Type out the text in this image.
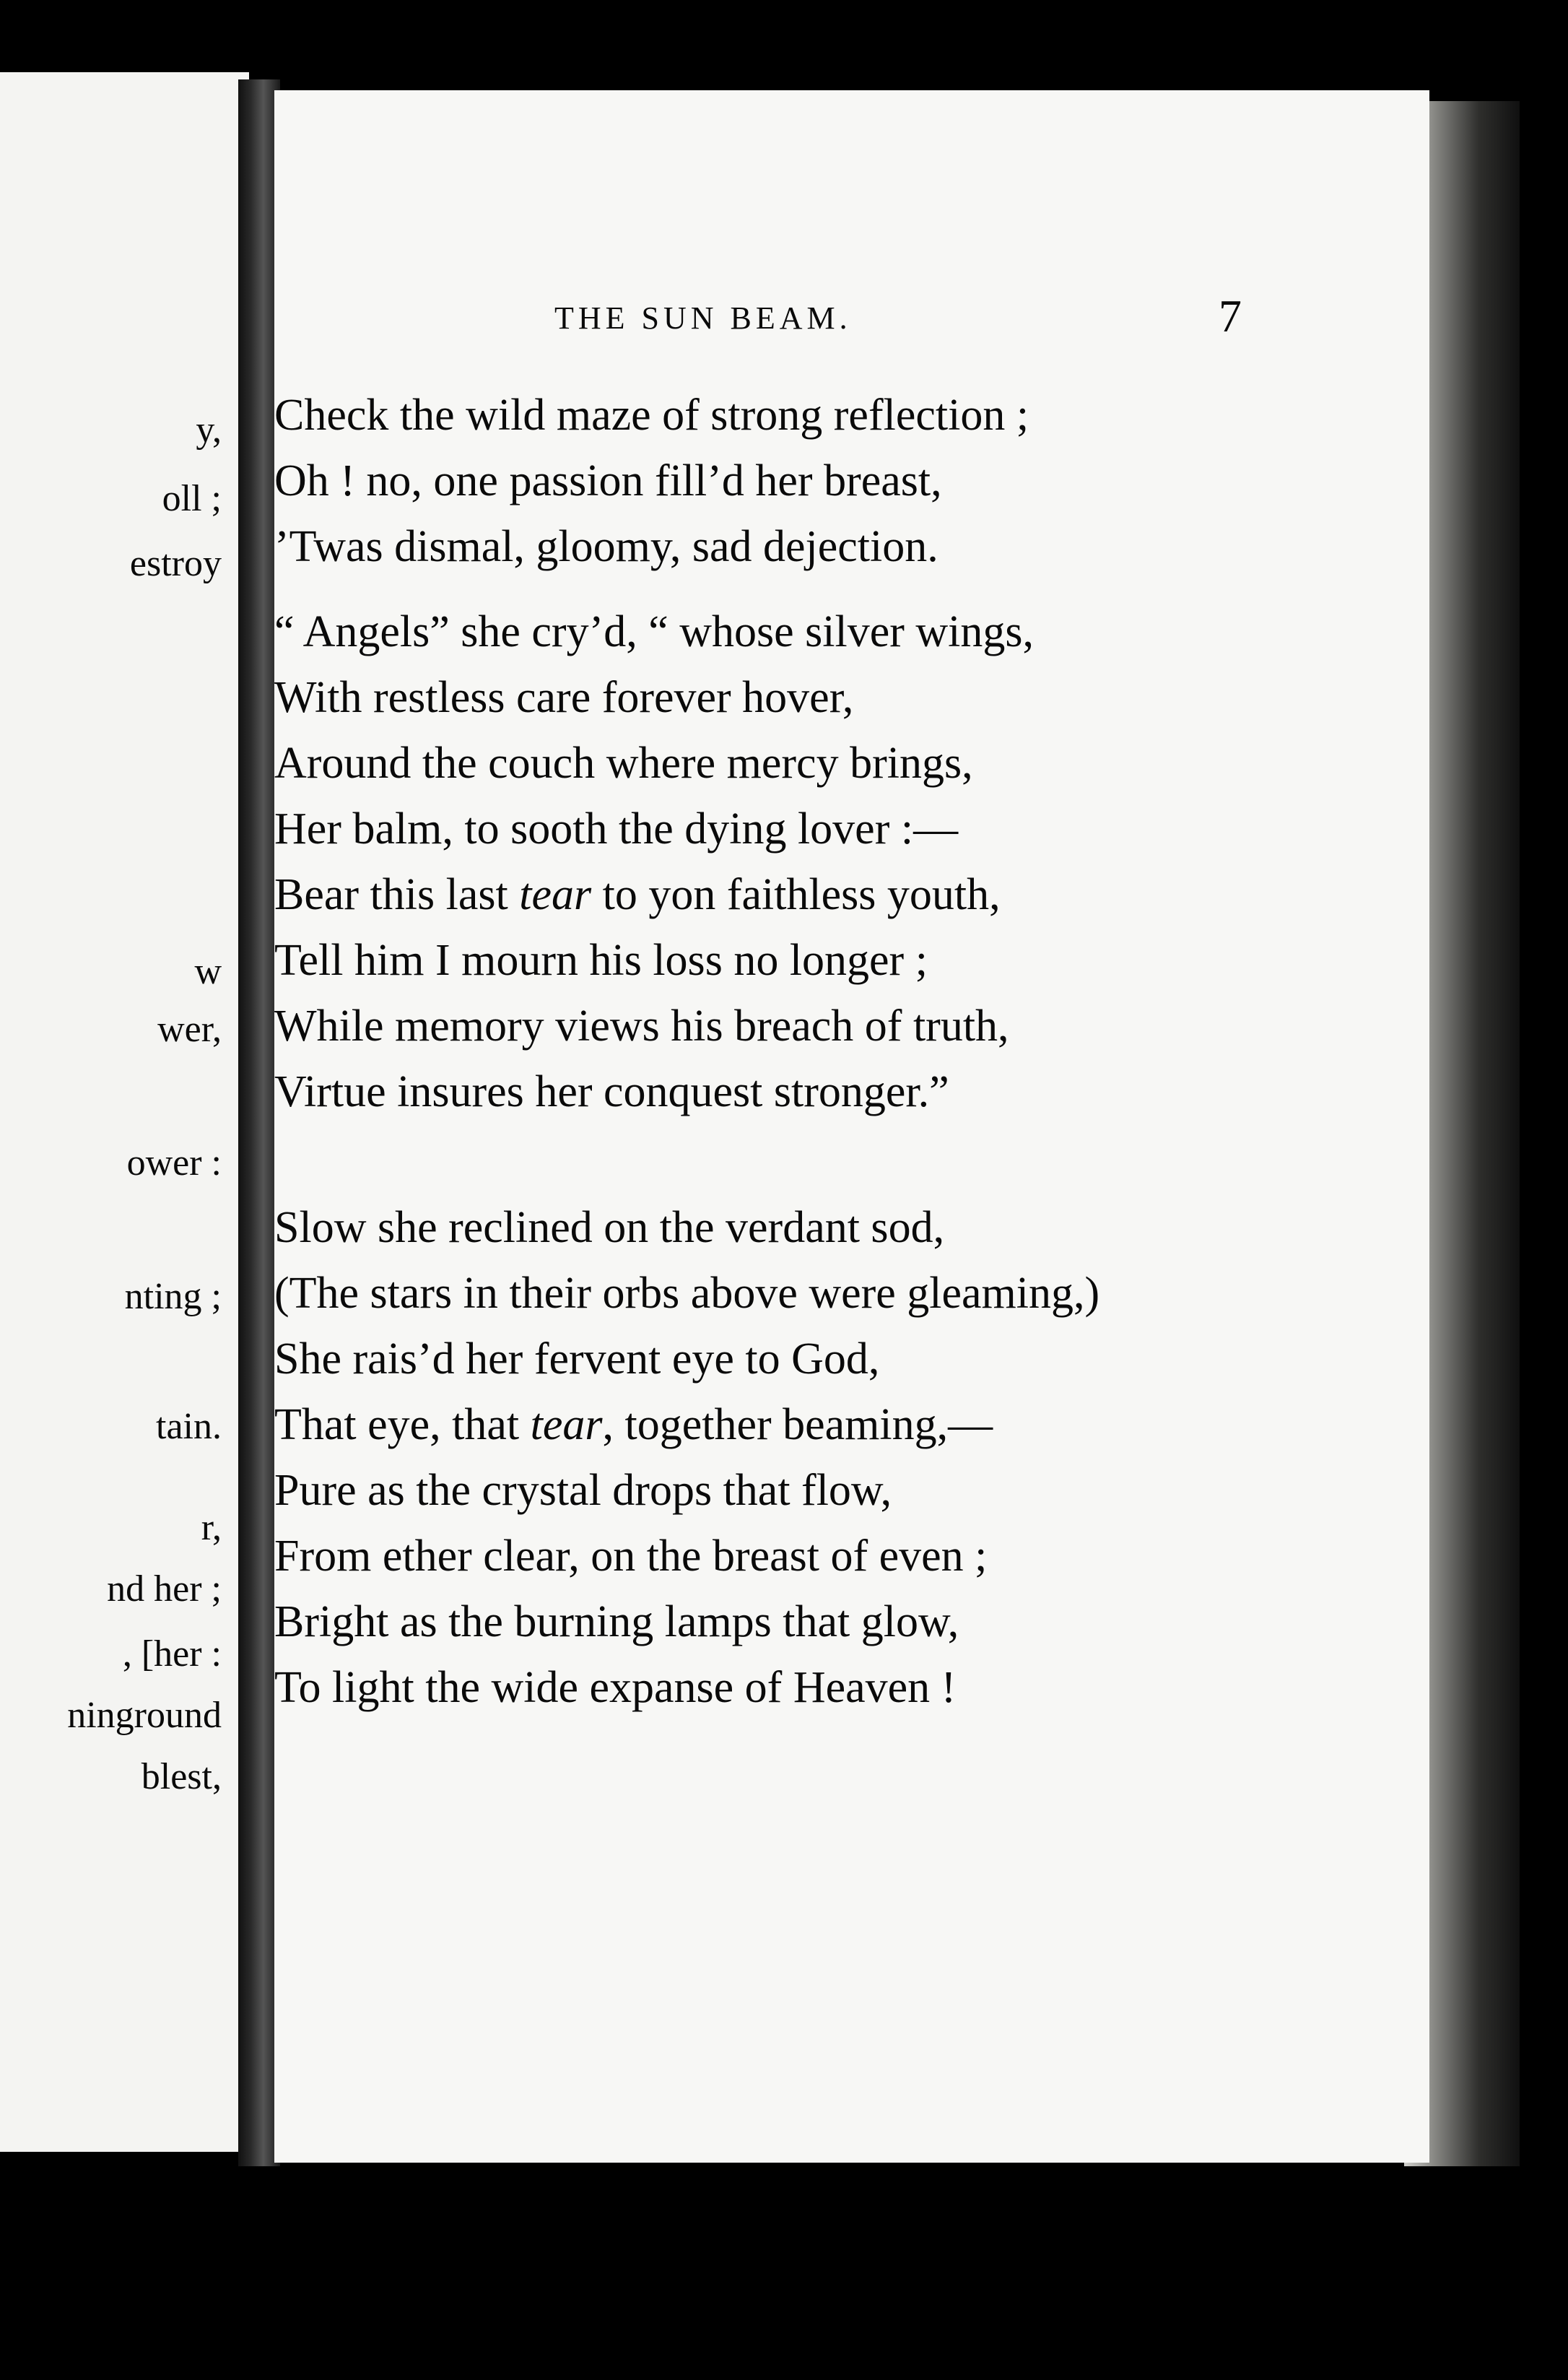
y,
oll ;
estroy
w
wer,
ower :
nting ;
tain.
r,
nd her ;
, [her :
ninground
blest,
THE SUN BEAM.	7
Check the wild maze of strong reflection ;
Oh ! no, one passion fill’d her breast,
’Twas dismal, gloomy, sad dejection.
“ Angels” she cry’d, “ whose silver wings,
With restless care forever hover,
Around the couch where mercy brings,
Her balm, to sooth the dying lover :—
Bear this last tear to yon faithless youth,
Tell him I mourn his loss no longer ;
While memory views his breach of truth,
Virtue insures her conquest stronger.”
Slow she reclined on the verdant sod,
(The stars in their orbs above were gleaming,)
She rais’d her fervent eye to God,
That eye, that tear, together beaming,—
Pure as the crystal drops that flow,
From ether clear, on the breast of even ;
Bright as the burning lamps that glow,
To light the wide expanse of Heaven !
